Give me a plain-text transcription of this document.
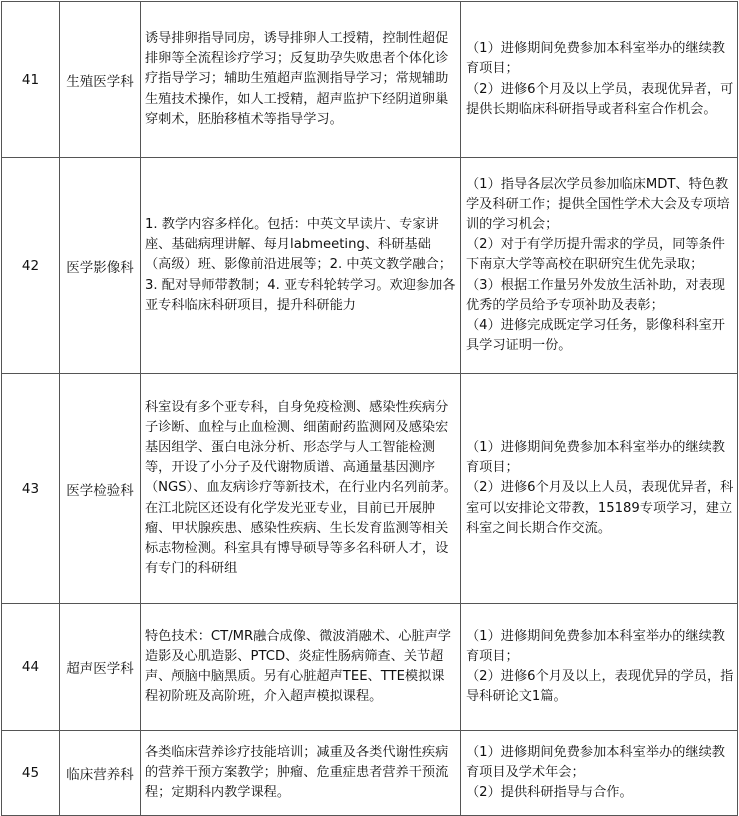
41	生殖医学科	诱导排卵指导同房，诱导排卵人工授精，控制性超促排卵等全流程诊疗学习；反复助孕失败患者个体化诊疗指导学习；辅助生殖超声监测指导学习；常规辅助生殖技术操作，如人工授精，超声监护下经阴道卵巢穿刺术，胚胎移植术等指导学习。	（1）进修期间免费参加本科室举办的继续教育项目；
（2）进修6个月及以上学员，表现优异者，可提供长期临床科研指导或者科室合作机会。

42	医学影像科	1. 教学内容多样化。包括：中英文早读片、专家讲座、基础病理讲解、每月labmeeting、科研基础（高级）班、影像前沿进展等；2. 中英文教学融合；3. 配对导师带教制；4. 亚专科轮转学习。欢迎参加各亚专科临床科研项目，提升科研能力	（1）指导各层次学员参加临床MDT、特色教学及科研工作；提供全国性学术大会及专项培训的学习机会；
（2）对于有学历提升需求的学员，同等条件下南京大学等高校在职研究生优先录取；
（3）根据工作量另外发放生活补助，对表现优秀的学员给予专项补助及表彰；
（4）进修完成既定学习任务，影像科科室开具学习证明一份。

43	医学检验科	科室设有多个亚专科，自身免疫检测、感染性疾病分子诊断、血栓与止血检测、细菌耐药监测网及感染宏基因组学、蛋白电泳分析、形态学与人工智能检测等，开设了小分子及代谢物质谱、高通量基因测序（NGS）、血友病诊疗等新技术，在行业内名列前茅。在江北院区还设有化学发光亚专业，目前已开展肿瘤、甲状腺疾患、感染性疾病、生长发育监测等相关标志物检测。科室具有博导硕导等多名科研人才，设有专门的科研组	（1）进修期间免费参加本科室举办的继续教育项目；
（2）进修6个月及以上人员，表现优异者，科室可以安排论文带教，15189专项学习，建立科室之间长期合作交流。

44	超声医学科	特色技术：CT/MR融合成像、微波消融术、心脏声学造影及心肌造影、PTCD、炎症性肠病筛查、关节超声、颅脑中脑黑质。另有心脏超声TEE、TTE模拟课程初阶班及高阶班，介入超声模拟课程。	（1）进修期间免费参加本科室举办的继续教育项目；
（2）进修6个月及以上，表现优异的学员，指导科研论文1篇。

45	临床营养科	各类临床营养诊疗技能培训；减重及各类代谢性疾病的营养干预方案教学；肿瘤、危重症患者营养干预流程；定期科内教学课程。	（1）进修期间免费参加本科室举办的继续教育项目及学术年会；
（2）提供科研指导与合作。
